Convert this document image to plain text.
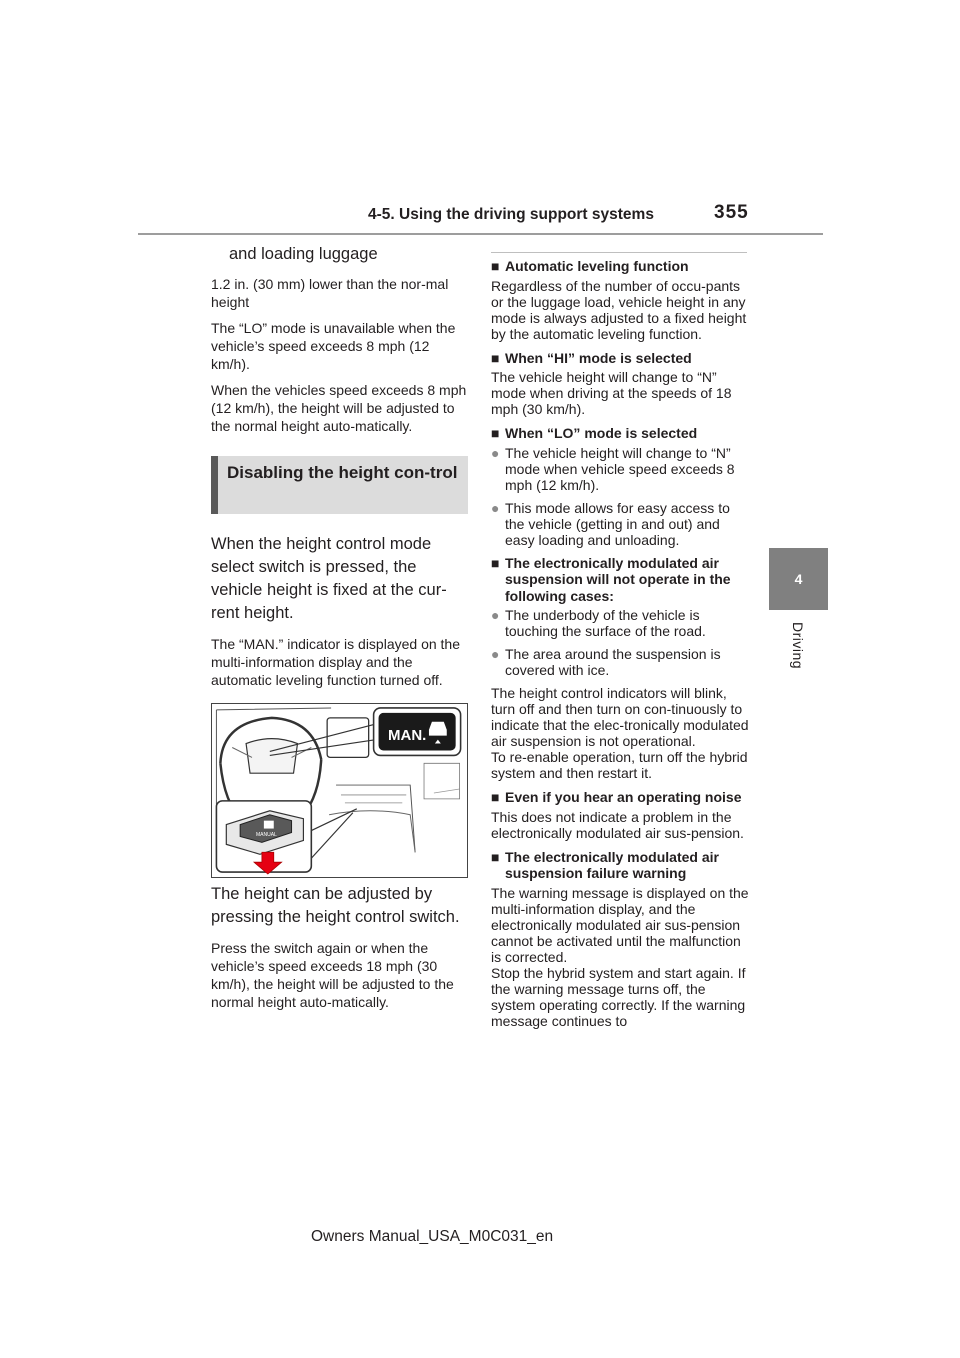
4-5. Using the driving support systems	355
4
Driving

and loading luggage

1.2 in. (30 mm) lower than the nor-mal height

The “LO” mode is unavailable when the vehicle’s speed exceeds 8 mph (12 km/h).

When the vehicles speed exceeds 8 mph (12 km/h), the height will be adjusted to the normal height auto-matically.

Disabling the height con-trol

When the height control mode select switch is pressed, the vehicle height is fixed at the cur-rent height.

The “MAN.” indicator is displayed on the multi-information display and the automatic leveling function turned off.

MAN.
MANUAL

The height can be adjusted by pressing the height control switch.

Press the switch again or when the vehicle’s speed exceeds 18 mph (30 km/h), the height will be adjusted to the normal height auto-matically.

■ Automatic leveling function

Regardless of the number of occu-pants or the luggage load, vehicle height in any mode is always adjusted to a fixed height by the automatic leveling function.

■ When “HI” mode is selected

The vehicle height will change to “N” mode when driving at the speeds of 18 mph (30 km/h).

■ When “LO” mode is selected

● The vehicle height will change to “N” mode when vehicle speed exceeds 8 mph (12 km/h).

● This mode allows for easy access to the vehicle (getting in and out) and easy loading and unloading.

■ The electronically modulated air suspension will not operate in the following cases:

● The underbody of the vehicle is touching the surface of the road.

● The area around the suspension is covered with ice.

The height control indicators will blink, turn off and then turn on con-tinuously to indicate that the elec-tronically modulated air suspension is not operational.

To re-enable operation, turn off the hybrid system and then restart it.

■ Even if you hear an operating noise

This does not indicate a problem in the electronically modulated air sus-pension.

■ The electronically modulated air suspension failure warning

The warning message is displayed on the multi-information display, and the electronically modulated air sus-pension cannot be activated until the malfunction is corrected.

Stop the hybrid system and start again. If the warning message turns off, the system operating correctly. If the warning message continues to

Owners Manual_USA_M0C031_en
